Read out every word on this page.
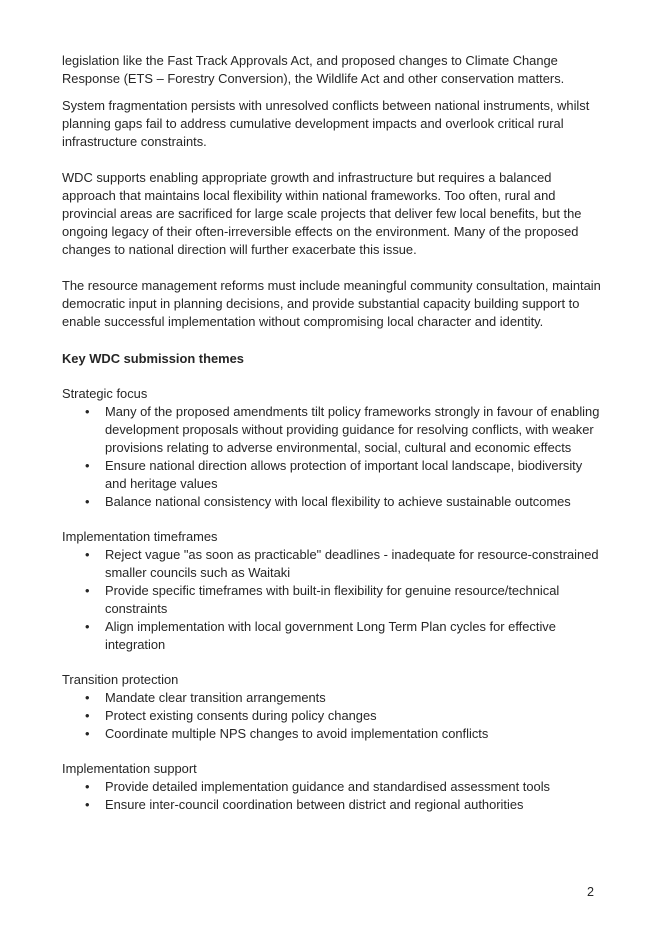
legislation like the Fast Track Approvals Act, and proposed changes to Climate Change Response (ETS – Forestry Conversion), the Wildlife Act and other conservation matters.

System fragmentation persists with unresolved conflicts between national instruments, whilst planning gaps fail to address cumulative development impacts and overlook critical rural infrastructure constraints.

WDC supports enabling appropriate growth and infrastructure but requires a balanced approach that maintains local flexibility within national frameworks. Too often, rural and provincial areas are sacrificed for large scale projects that deliver few local benefits, but the ongoing legacy of their often-irreversible effects on the environment. Many of the proposed changes to national direction will further exacerbate this issue.

The resource management reforms must include meaningful community consultation, maintain democratic input in planning decisions, and provide substantial capacity building support to enable successful implementation without compromising local character and identity.

Key WDC submission themes

Strategic focus

• Many of the proposed amendments tilt policy frameworks strongly in favour of enabling development proposals without providing guidance for resolving conflicts, with weaker provisions relating to adverse environmental, social, cultural and economic effects
• Ensure national direction allows protection of important local landscape, biodiversity and heritage values
• Balance national consistency with local flexibility to achieve sustainable outcomes

Implementation timeframes

• Reject vague "as soon as practicable" deadlines - inadequate for resource-constrained smaller councils such as Waitaki
• Provide specific timeframes with built-in flexibility for genuine resource/technical constraints
• Align implementation with local government Long Term Plan cycles for effective integration

Transition protection

• Mandate clear transition arrangements
• Protect existing consents during policy changes
• Coordinate multiple NPS changes to avoid implementation conflicts

Implementation support

• Provide detailed implementation guidance and standardised assessment tools
• Ensure inter-council coordination between district and regional authorities
2
